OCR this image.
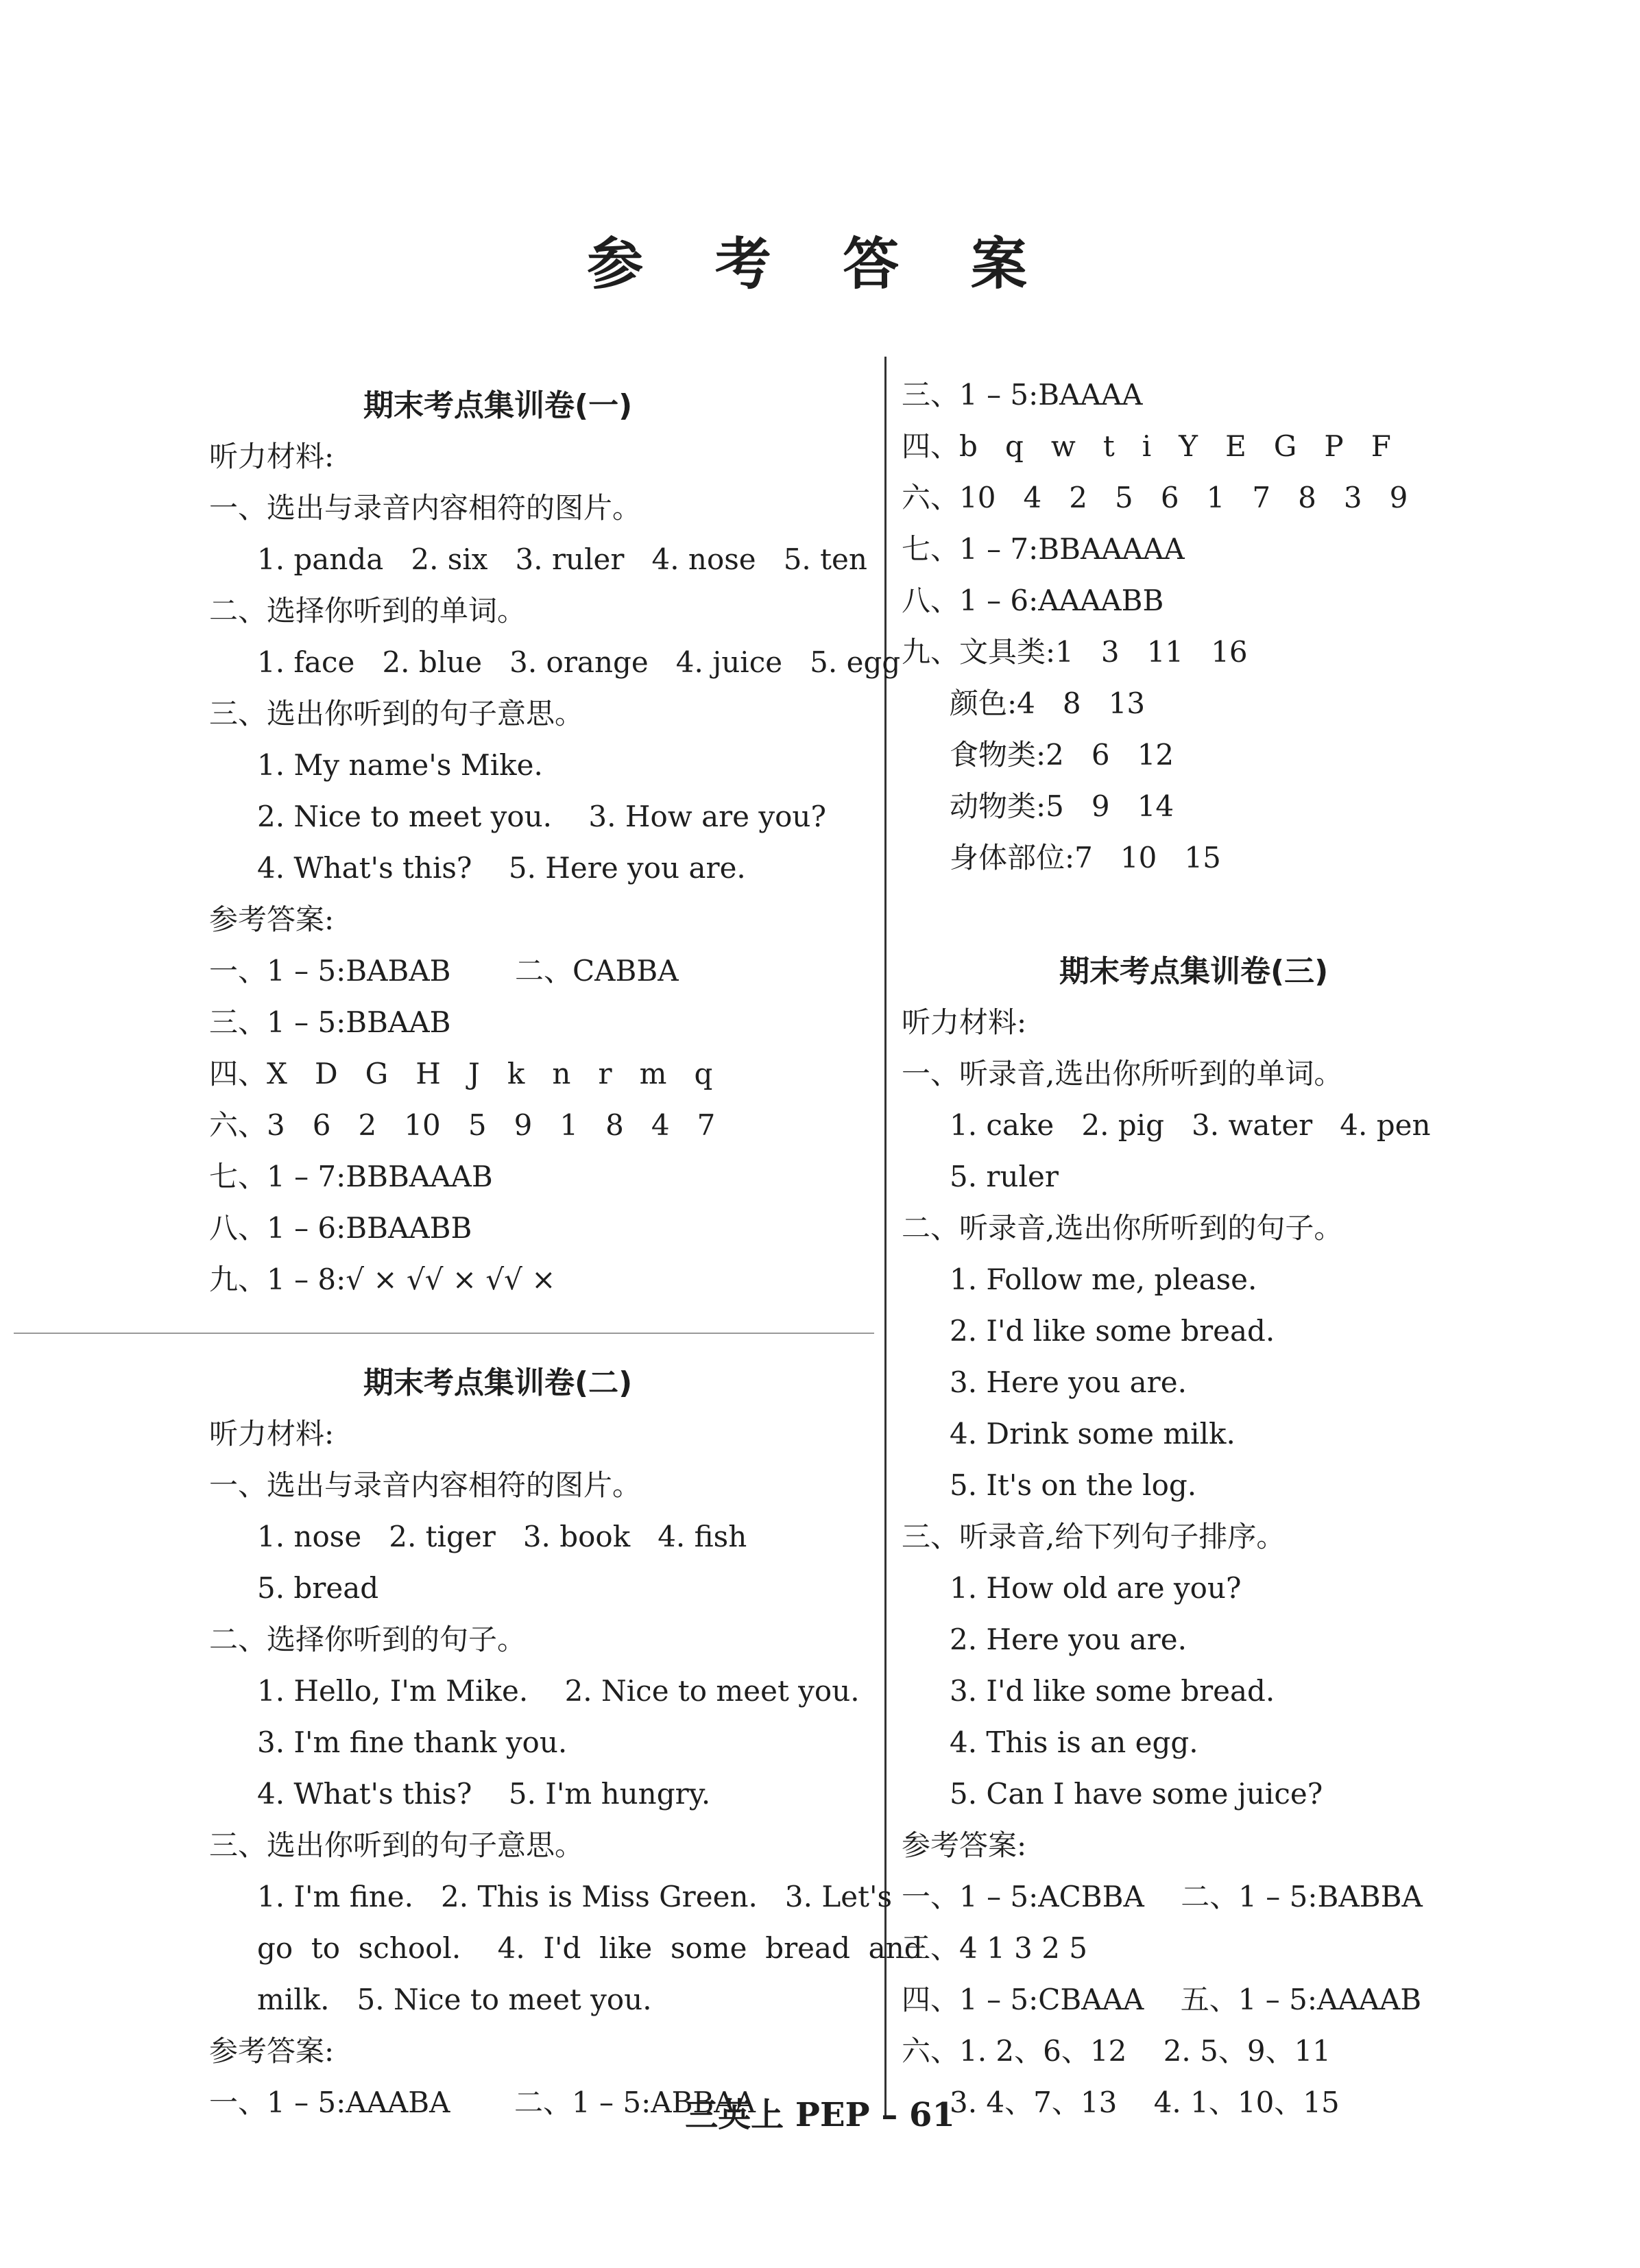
参 考 答 案
期末考点集训卷(一)
听力材料:
一、选出与录音内容相符的图片。
1. panda   2. six   3. ruler   4. nose   5. ten
二、选择你听到的单词。
1. face   2. blue   3. orange   4. juice   5. egg
三、选出你听到的句子意思。
1. My name's Mike.
2. Nice to meet you.    3. How are you?
4. What's this?    5. Here you are.
参考答案:
一、1 – 5:BABAB       二、CABBA
三、1 – 5:BBAAB
四、X   D   G   H   J   k   n   r   m   q
六、3   6   2   10   5   9   1   8   4   7
七、1 – 7:BBBAAAB
八、1 – 6:BBAABB
九、1 – 8:√ × √√ × √√ ×
期末考点集训卷(二)
听力材料:
一、选出与录音内容相符的图片。
1. nose   2. tiger   3. book   4. fish
5. bread
二、选择你听到的句子。
1. Hello, I'm Mike.    2. Nice to meet you.
3. I'm fine thank you.
4. What's this?    5. I'm hungry.
三、选出你听到的句子意思。
1. I'm fine.   2. This is Miss Green.   3. Let's
go  to  school.    4.  I'd  like  some  bread  and
milk.   5. Nice to meet you.
参考答案:
一、1 – 5:AAABA       二、1 – 5:ABBAA
三、1 – 5:BAAAA
四、b   q   w   t   i   Y   E   G   P   F
六、10   4   2   5   6   1   7   8   3   9
七、1 – 7:BBAAAAA
八、1 – 6:AAAABB
九、文具类:1   3   11   16
颜色:4   8   13
食物类:2   6   12
动物类:5   9   14
身体部位:7   10   15
期末考点集训卷(三)
听力材料:
一、听录音,选出你所听到的单词。
1. cake   2. pig   3. water   4. pen
5. ruler
二、听录音,选出你所听到的句子。
1. Follow me, please.
2. I'd like some bread.
3. Here you are.
4. Drink some milk.
5. It's on the log.
三、听录音,给下列句子排序。
1. How old are you?
2. Here you are.
3. I'd like some bread.
4. This is an egg.
5. Can I have some juice?
参考答案:
一、1 – 5:ACBBA    二、1 – 5:BABBA
三、4 1 3 2 5
四、1 – 5:CBAAA    五、1 – 5:AAAAB
六、1. 2、6、12    2. 5、9、11
3. 4、7、13    4. 1、10、15
三英上 PEP – 61
